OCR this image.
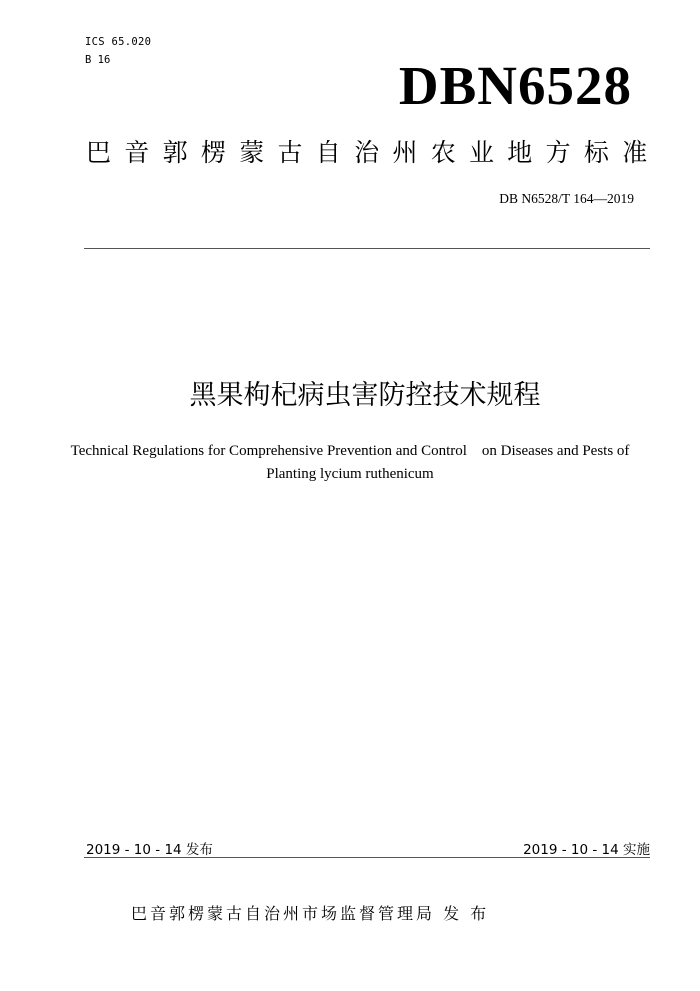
ICS 65.020
B 16	DBN6528
巴音郭楞蒙古自治州农业地方标准
DB N6528/T 164—2019
黑果枸杞病虫害防控技术规程
Technical Regulations for Comprehensive Prevention and Control    on Diseases and Pests of Planting lycium ruthenicum
2019 - 10 - 14 发布	2019 - 10 - 14 实施
巴音郭楞蒙古自治州市场监督管理局 发 布
